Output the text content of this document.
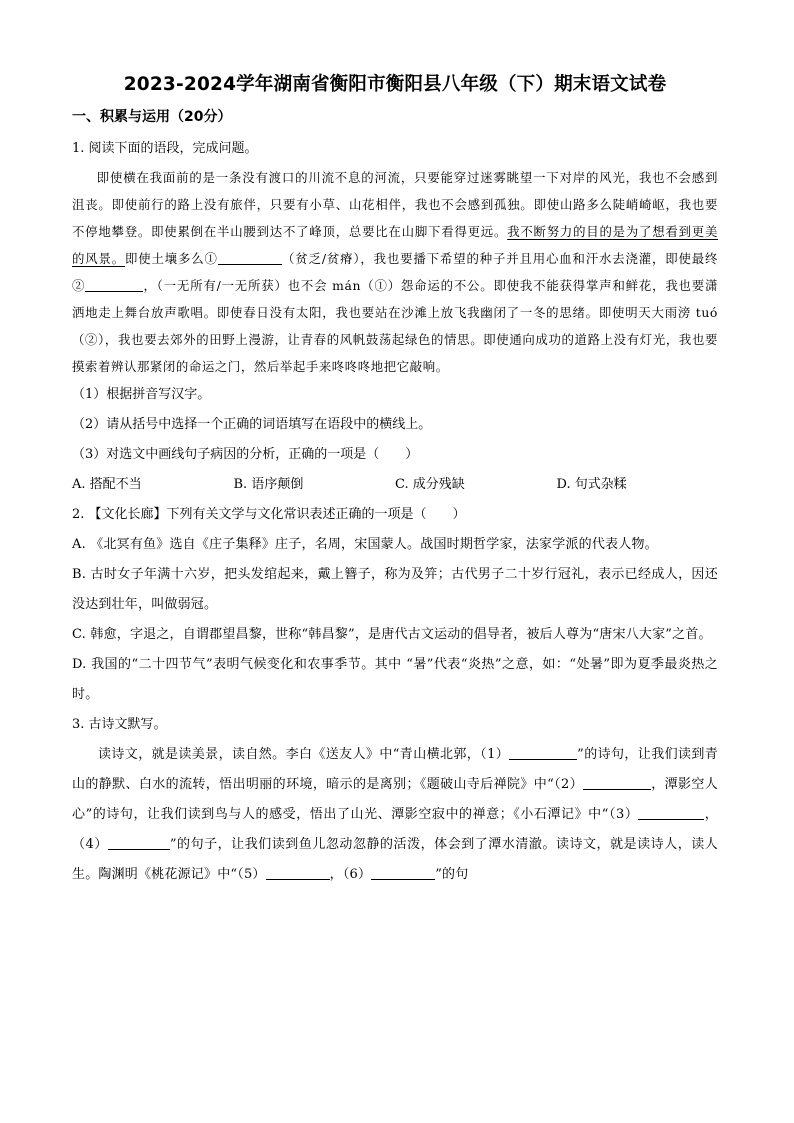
2023-2024学年湖南省衡阳市衡阳县八年级（下）期末语文试卷
一、积累与运用（20分）

1. 阅读下面的语段，完成问题。

即使横在我面前的是一条没有渡口的川流不息的河流，只要能穿过迷雾眺望一下对岸的风光，我也不会感到沮丧。即使前行的路上没有旅伴，只要有小草、山花相伴，我也不会感到孤独。即使山路多么陡峭崎岖，我也要不停地攀登。即使累倒在半山腰到达不了峰顶，总要比在山脚下看得更远。我不断努力的目的是为了想看到更美的风景。即使土壤多么①	（贫乏/贫瘠），我也要播下希望的种子并且用心血和汗水去浇灌，即使最终②	，（一无所有/一无所获）也不会 mán（①）怨命运的不公。即使我不能获得掌声和鲜花，我也要潇洒地走上舞台放声歌唱。即使春日没有太阳，我也要站在沙滩上放飞我幽闭了一冬的思绪。即使明天大雨滂 tuó（②），我也要去郊外的田野上漫游，让青春的风帆鼓荡起绿色的情思。即使通向成功的道路上没有灯光，我也要摸索着辨认那紧闭的命运之门，然后举起手来咚咚咚地把它敲响。

（1）根据拼音写汉字。

（2）请从括号中选择一个正确的词语填写在语段中的横线上。

（3）对选文中画线句子病因的分析，正确的一项是（　　）

A. 搭配不当	B. 语序颠倒	C. 成分残缺	D. 句式杂糅

2. 【文化长廊】下列有关文学与文化常识表述正确的一项是（　　）

A. 《北冥有鱼》选自《庄子集释》庄子，名周，宋国蒙人。战国时期哲学家，法家学派的代表人物。

B. 古时女子年满十六岁，把头发绾起来，戴上簪子，称为及笄；古代男子二十岁行冠礼，表示已经成人，因还没达到壮年，叫做弱冠。

C. 韩愈，字退之，自谓郡望昌黎，世称“韩昌黎”，是唐代古文运动的倡导者，被后人尊为“唐宋八大家”之首。

D. 我国的“二十四节气”表明气候变化和农事季节。其中 “暑”代表“炎热”之意，如：“处暑”即为夏季最炎热之时。

3. 古诗文默写。

读诗文，就是读美景，读自然。李白《送友人》中“青山横北郭，（1）	”的诗句，让我们读到青山的静默、白水的流转，悟出明丽的环境，暗示的是离别；《题破山寺后禅院》中“（2）	，潭影空人心”的诗句，让我们读到鸟与人的感受，悟出了山光、潭影空寂中的禅意；《小石潭记》中“（3）	，（4）	”的句子，让我们读到鱼儿忽动忽静的活泼，体会到了潭水清澈。读诗文，就是读诗人，读人生。陶渊明《桃花源记》中“（5）	，（6）	”的句
